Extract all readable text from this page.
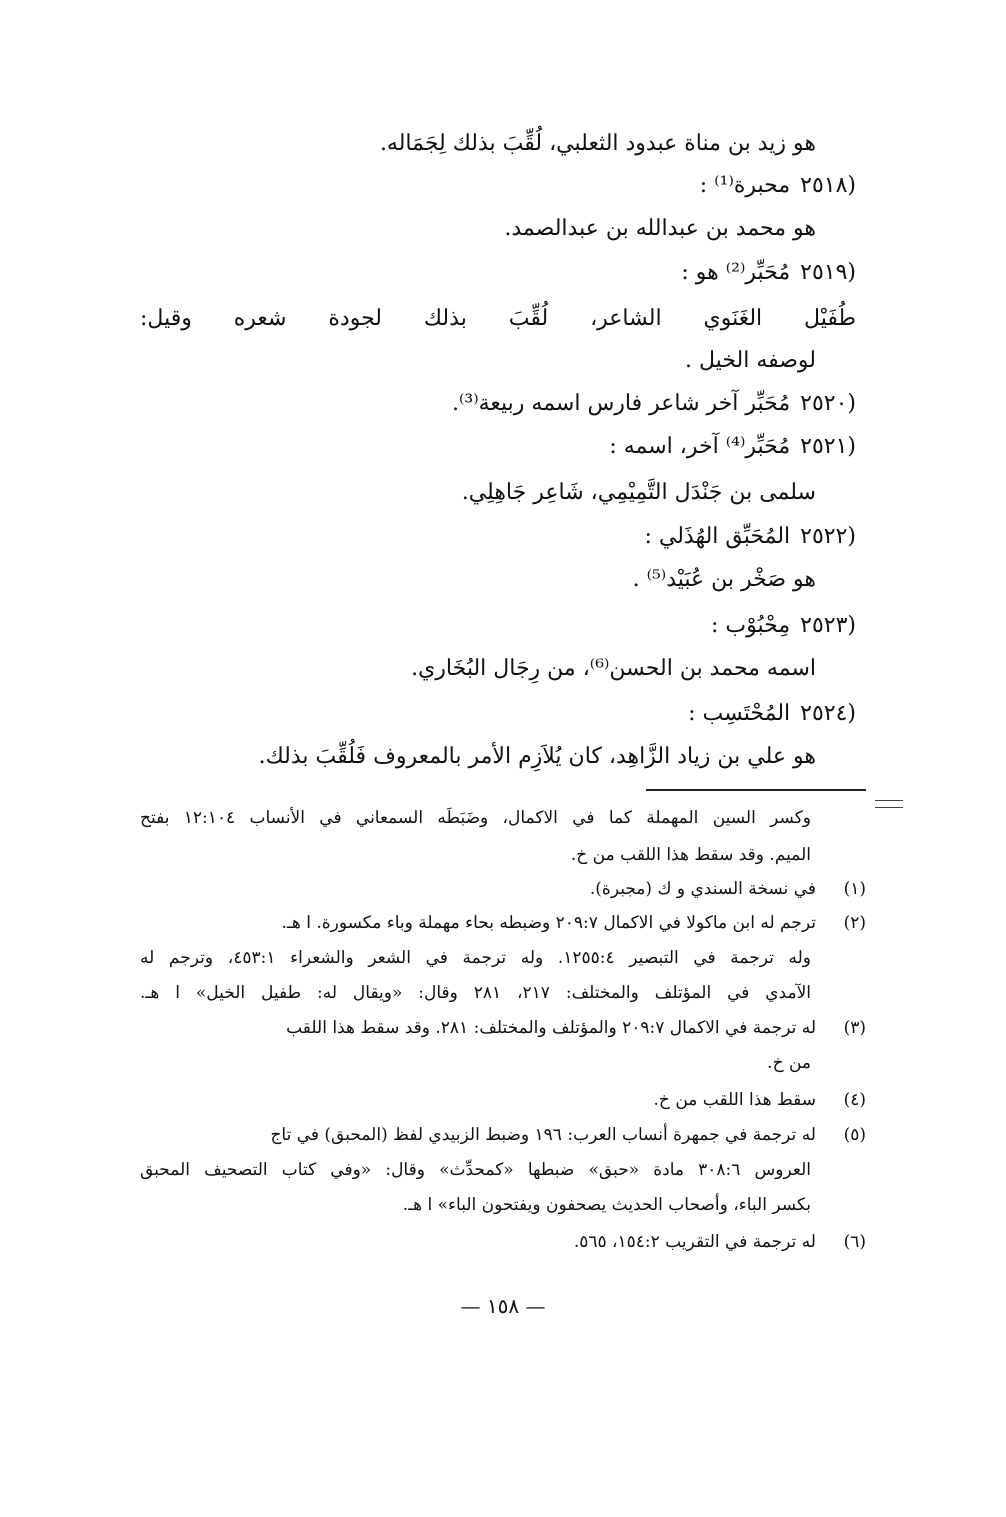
هو زيد بن مناة عبدود الثعلبي، لُقِّبَ بذلك لِجَمَاله.
(٢٥١٨محبرة⁽¹⁾ :
هو محمد بن عبدالله بن عبدالصمد.
(٢٥١٩مُحَبِّر⁽²⁾ هو :
طُفَيْل الغَنَوي الشاعر، لُقِّبَ بذلك لجودة شعره وقيل:
لوصفه الخيل .
(٢٥٢٠مُحَبِّر آخر شاعر فارس اسمه ربيعة⁽³⁾.
(٢٥٢١مُحَبِّر⁽⁴⁾ آخر، اسمه :
سلمى بن جَنْدَل التَّمِيْمِي، شَاعِر جَاهِلِي.
(٢٥٢٢المُحَبِّق الهُذَلي :
هو صَخْر بن عُبَيْد⁽⁵⁾ .
(٢٥٢٣مِحْبُوْب :
اسمه محمد بن الحسن⁽⁶⁾، من رِجَال البُخَاري.
(٢٥٢٤المُحْتَسِب :
هو علي بن زياد الزَّاهِد، كان يُلاَزِم الأمر بالمعروف فَلُقِّبَ بذلك.
وكسر السين المهملة كما في الاكمال، وضَبَطَه السمعاني في الأنساب ١٢:١٠٤ بفتح
الميم. وقد سقط هذا اللقب من خ.
(١)في نسخة السندي و ك (مجبرة).
(٢)ترجم له ابن ماكولا في الاكمال ٢٠٩:٧ وضبطه بحاء مهملة وباء مكسورة. ا هـ.
وله ترجمة في التبصير ١٢٥٥:٤. وله ترجمة في الشعر والشعراء ٤٥٣:١، وترجم له
الآمدي في المؤتلف والمختلف: ٢١٧، ٢٨١ وقال: «ويقال له: طفيل الخيل» ا هـ.
(٣)له ترجمة في الاكمال ٢٠٩:٧ والمؤتلف والمختلف: ٢٨١. وقد سقط هذا اللقب
من خ.
(٤)سقط هذا اللقب من خ.
(٥)له ترجمة في جمهرة أنساب العرب: ١٩٦ وضبط الزبيدي لفظ (المحبق) في تاج
العروس ٣٠٨:٦ مادة «حبق» ضبطها «كمحدِّث» وقال: «وفي كتاب التصحيف المحبق
بكسر الباء، وأصحاب الحديث يصحفون ويفتحون الباء» ا هـ.
(٦)له ترجمة في التقريب ١٥٤:٢، ٥٦٥.
— ١٥٨ —
